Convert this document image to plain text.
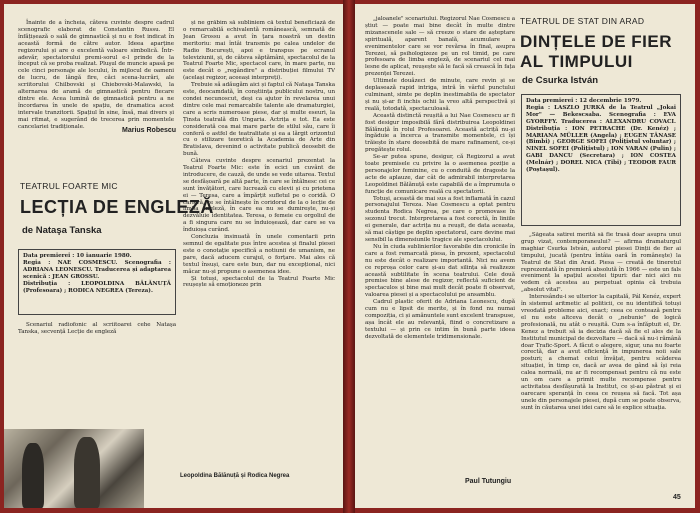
Înainte de a încheia, câteva cuvinte despre cadrul scenografic elaborat de Constantin Russu. El înfățișează o sală de gimnastică și nu e fost indicat în această formă de către autor. Ideea aparține regizorului și are o excelentă valoare simbolică. Într-adevăr, spectatorului premi-sorul e-l prinde de la început că se proba realizat. Pluşul de muncie apasă pe cele cinci personaje ale locului, în mijlocul de oameni de lucru, de lângă fire, căci scena-lucrări, ale scriitorului Chilbovski și Chiebovski-Malawski, la alternarea de aramă de gimnastică pentru fiecare dintre ele. Acea lumină de gimnastică pentru a ne încordarea în unele de spațiu, de dramatica acest intervale tranzitorii. Spațiul în sine, însă, mai divers și mai ritmat, e sugerând de trecerea prin momentele cancelariei tradiționale.

Marius Robescu

și ne grăbim să subliniem că textul beneficiază de o remarcabilă echivalentă românească, semnată de Jean Grossu a avut în țara noastră un destin meritoriu: mai întâi transmis pe calea undelor de Radio București, apoi e transpus pe ecranul televiziunii, și, de câteva săptămâni, spectacolul de la Teatrul Foarte Mic, spectacol care, în mare parte, nu este decât o „regândire" a distribuției filmului TV (același regizor, aceeași interpreți).

Trebuie să adăugăm aici și faptul că Nataşa Tanska este, deocamdată, în conștiința publicului nostru, un condei necunoscut, deși ca ajutor în revelarea unui dintre cele mai remarcabile talente ale dramaturgiei, care a scris numeroase piese, dar și multe eseuri, la Ținsta teatrală din Ungaria. Actrița e tot. Ea este considerată cea mai mare parte de stilul său, care îi conferă o astfel de teatralitate și ea a lărgit orizontul cu o stilizare teoretică la Academia de Arte din Bratislava, devenind o activitate publică deosebit de bună.

Câteva cuvinte despre scenariul prezentat la Teatrul Foarte Mic: este în ecici un cuvânt de introducere, de cauză, de unde se vede uitarea. Textul se desfășoară pe altă parte, în care se întâlnesc cei ce sunt învățători, care lucrează cu elevii și cu prietena ei — Teresa, care a împărțit sufletul pe o coridă. O carieră, ce se întâlnește în coridorul de la o lecție de limba engleză, în care ea nu se dumirește, nu-și dezvăluie identitatea. Teresa, o femeie cu orgoliul de a fi singura care nu se înduioșează, dar care se va înduioșa curând.

Concluzia insinuată în unele comentarii prin semnul de egalitate pus între acestea și finalul piesei este o conotație specifică a notiunii de umanism, ne pare, dacă aducem curajul, o forțare. Mai ales că textul însuși, care este bun, dar nu excepțional, nici măcar nu-și propune o asemenea idee.

Și totuși, spectacolul de la Teatrul Foarte Mic reușește să emoționeze prin

TEATRUL FOARTE MIC
LECȚIA DE ENGLEZĂ
de Nataşa Tanska

Data premierei : 10 ianuarie 1980.

Regia : NAE COSMESCU. Scenografia : ADRIANA LEONESCU. Traducerea și adaptarea scenică : JEAN GROSSU.

Distribuția : LEOPOLDINA BĂLĂNUȚĂ (Profesoara) ; RODICA NEGREA (Tereza).

Scenariul radiofonic al scriitoarei cehe Nataşa Tanska, secvență Lecție de engleză

Leopoldina Bălănuță și Rodica Negrea

„jaloanele" scenariului. Regizorul Nae Cosmescu a știut — poate mai bine decât în multe dintre mizanscenele sale — să creeze o stare de așteptare spirituală, aparent banală, acumulare a evenimentelor care se vor revărsa în final, asupra Terezei, să psihologizeze pe un rol timid, pe care profesoara de limba engleză, de scenariul cel mai lesne de aplicat, reușește să le facă să crească în fața prezenței Terezei.

Ultimele douăzeci de minute, care revin și se deplasează rapid intriga, intră în vârful punctului culminant, simte pe deplin inestimabila de spectator și nu și-ar fi inchis ochii la vreo altă perspectivă și reală, totodată, spectaculoasă.

Această distinctă reușită a lui Nae Cosmescu ar fi fost desigur imposibilă fără distribuirea Leopoldinei Bălănuță în rolul Profesoarei. Această actriță nu-și îngăduie a încerca a transmite momentele, ci își trăiește în stare deosebită de mare rafinament, ce-și pregătește rolul.

Se-ar putea spune, desigur, că Regizorul a avut toate premisele cu privire la o asemenea poziție a personajelor feminine, cu o conduită de dragoste la acte de aplauze, dar cât de admirabil interpretarea Leopoldinei Bălănuță este capabilă de a împrumuta o funcție de comunicare reală cu spectatorii.

Totuși, această de mai sus a fost inflamată în cazul personajului Tereza. Nae Cosmescu a optat pentru studenta Rodica Negrea, pe care o promovase în sezonul trecut. Interpretarea a fost corectă, în liniile ei generale, dar actrița nu a reușit, de data aceasta, să mai câștige pe deplin spectatorul, care devine mai sensibil la dimensiunile tragice ale spectacolului.

Nu în ciuda sublinierilor favorabile din cronicile în care a fost remarcată piesa, în prezent, spectacolul nu este decât o realizare importantă. Nici nu avem ce reproșa celor care și-au dat silința să realizeze această subtilitate în scena teatrului. Cele două premise bine alese de regizor, reflectă suficient de spectaculos și bine mai mult decât poate fi observat, valoarea piesei și a spectacolului pe ansamblu.

Cadrul plastic oferit de Adriana Leonescu, după cum nu e lipsit de merite, și în fond nu numai compoziția, ci și amănuntele sunt excelent transpuse, așa încât ele au relevanță, fiind o concretizare a textului — și prin ce intim în bună parte ideea dezvoltată de elementele tridimensionale.

Paul Tutungiu
TEATRUL DE STAT DIN ARAD
DINȚELE DE FIER
AL TIMPULUI
de Csurka István

Data premierei : 12 decembrie 1979.

Regia : LASZLO JURKĂ de la Teatrul „Jokai Mor" — Bekescsaba. Scenografia : EVA GYORFFY. Traducerea : ALEXANDRU COVACI. Distribuția : ION PETRACHE (Dr. Kenéz) ; MARIANA MÜLLER (Angela) ; EUGEN TĂNASE (Bimbi) ; GEORGE SOFEI (Polițistul voluntar) ; NINEL SOFEI (Polițistul) ; ION VARAN (Pulin) ; GABI DANCU (Secretara) ; ION COSTEA (Melnár) ; DOREL NICA (Tibi) ; TEODOR FAUR (Poștașul).

„Săgeata satirei merită să fie trasă doar asupra unui grup vizat, contemporaneului? — afirma dramaturgul maghiar Csurka István, autorul piesei Dinții de fier ai timpului, jucată (pentru întâia oară în româneşte) la Teatrul de Stat din Arad. Piesa — creată de tineretul reprezentată în premieră absolută în 1966 — este un fals eveniment la spațiul acestei tipuri: dar nici aici nu vedem că acestea au perpetuat opinia că trebuia „absolut vital".

Interesându-i se ulterior la capitală, Pál Kenéz, expert în sistemul aritmetic al politicii, ce nu identifică totuși vreodată probleme aici, exact; ceea ce contează pentru el nu este altceva decât o „nebunie" de logică profesională, nu atât o reușită. Cum s-a înfăptuit el, Dr. Kenez a trebuit să ia decizia dacă să fie el ales de la Institutul municipal de dezvoltare — dacă să nu-i rămână doar Trafic-Sport. A făcut o alegere, sigur, una nu foarte corectă, dar a avut eficiență în impunerea noii sale posturi; a chemat celui învățat, pentru scăderea situației, în timp ce, dacă ar avea de gând să își reia calea normală, nu ar fi recompensat pentru că nu este un om care a primit multe recompense pentru activitatea desfășurată la Institut, ce și-au păstrat și ei oarecare speranță în ceea ce reușea să facă. Tot așa unele din personajele piesei, după cum se poate observa, sunt în căutarea unei idei care să le explice situația.

45
